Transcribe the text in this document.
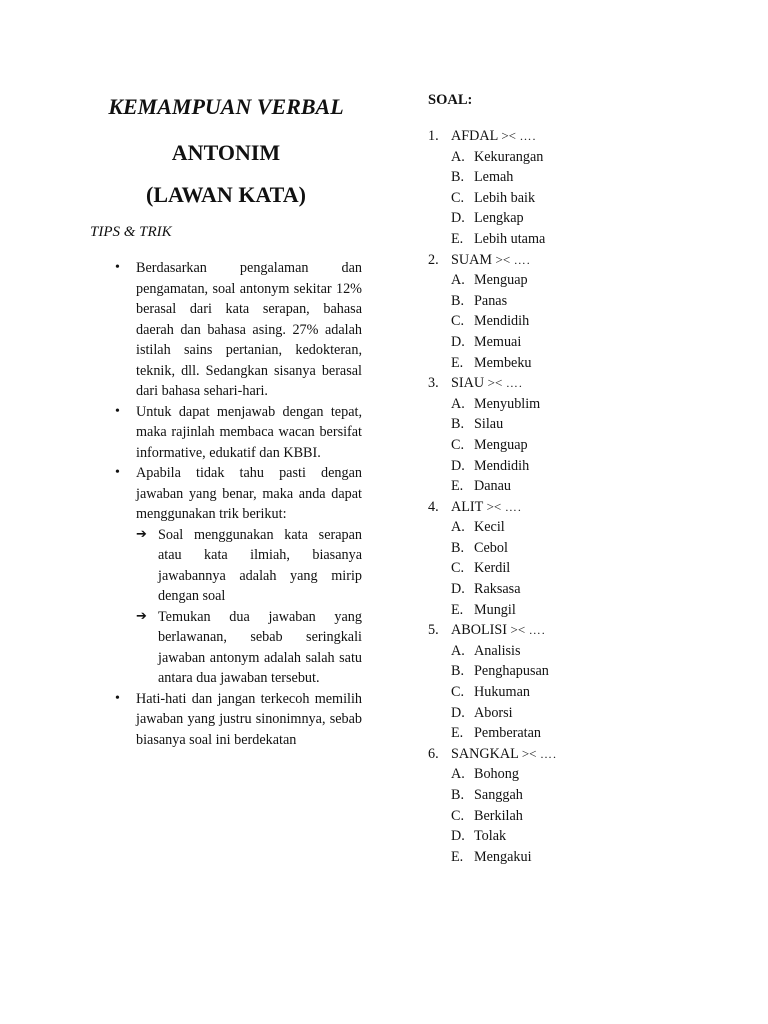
KEMAMPUAN VERBAL
ANTONIM
(LAWAN KATA)
TIPS & TRIK
• Berdasarkan pengalaman dan pengamatan, soal antonym sekitar 12% berasal dari kata serapan, bahasa daerah dan bahasa asing. 27% adalah istilah sains pertanian, kedokteran, teknik, dll. Sedangkan sisanya berasal dari bahasa sehari-hari.
• Untuk dapat menjawab dengan tepat, maka rajinlah membaca wacan bersifat informative, edukatif dan KBBI.
• Apabila tidak tahu pasti dengan jawaban yang benar, maka anda dapat menggunakan trik berikut:
➔ Soal menggunakan kata serapan atau kata ilmiah, biasanya jawabannya adalah yang mirip dengan soal
➔ Temukan dua jawaban yang berlawanan, sebab seringkali jawaban antonym adalah salah satu antara dua jawaban tersebut.
• Hati-hati dan jangan terkecoh memilih jawaban yang justru sinonimnya, sebab biasanya soal ini berdekatan
SOAL:
1. AFDAL >< ….
A. Kekurangan
B. Lemah
C. Lebih baik
D. Lengkap
E. Lebih utama
2. SUAM >< ….
A. Menguap
B. Panas
C. Mendidih
D. Memuai
E. Membeku
3. SIAU >< ….
A. Menyublim
B. Silau
C. Menguap
D. Mendidih
E. Danau
4. ALIT >< ….
A. Kecil
B. Cebol
C. Kerdil
D. Raksasa
E. Mungil
5. ABOLISI >< ….
A. Analisis
B. Penghapusan
C. Hukuman
D. Aborsi
E. Pemberatan
6. SANGKAL >< ….
A. Bohong
B. Sanggah
C. Berkilah
D. Tolak
E. Mengakui
